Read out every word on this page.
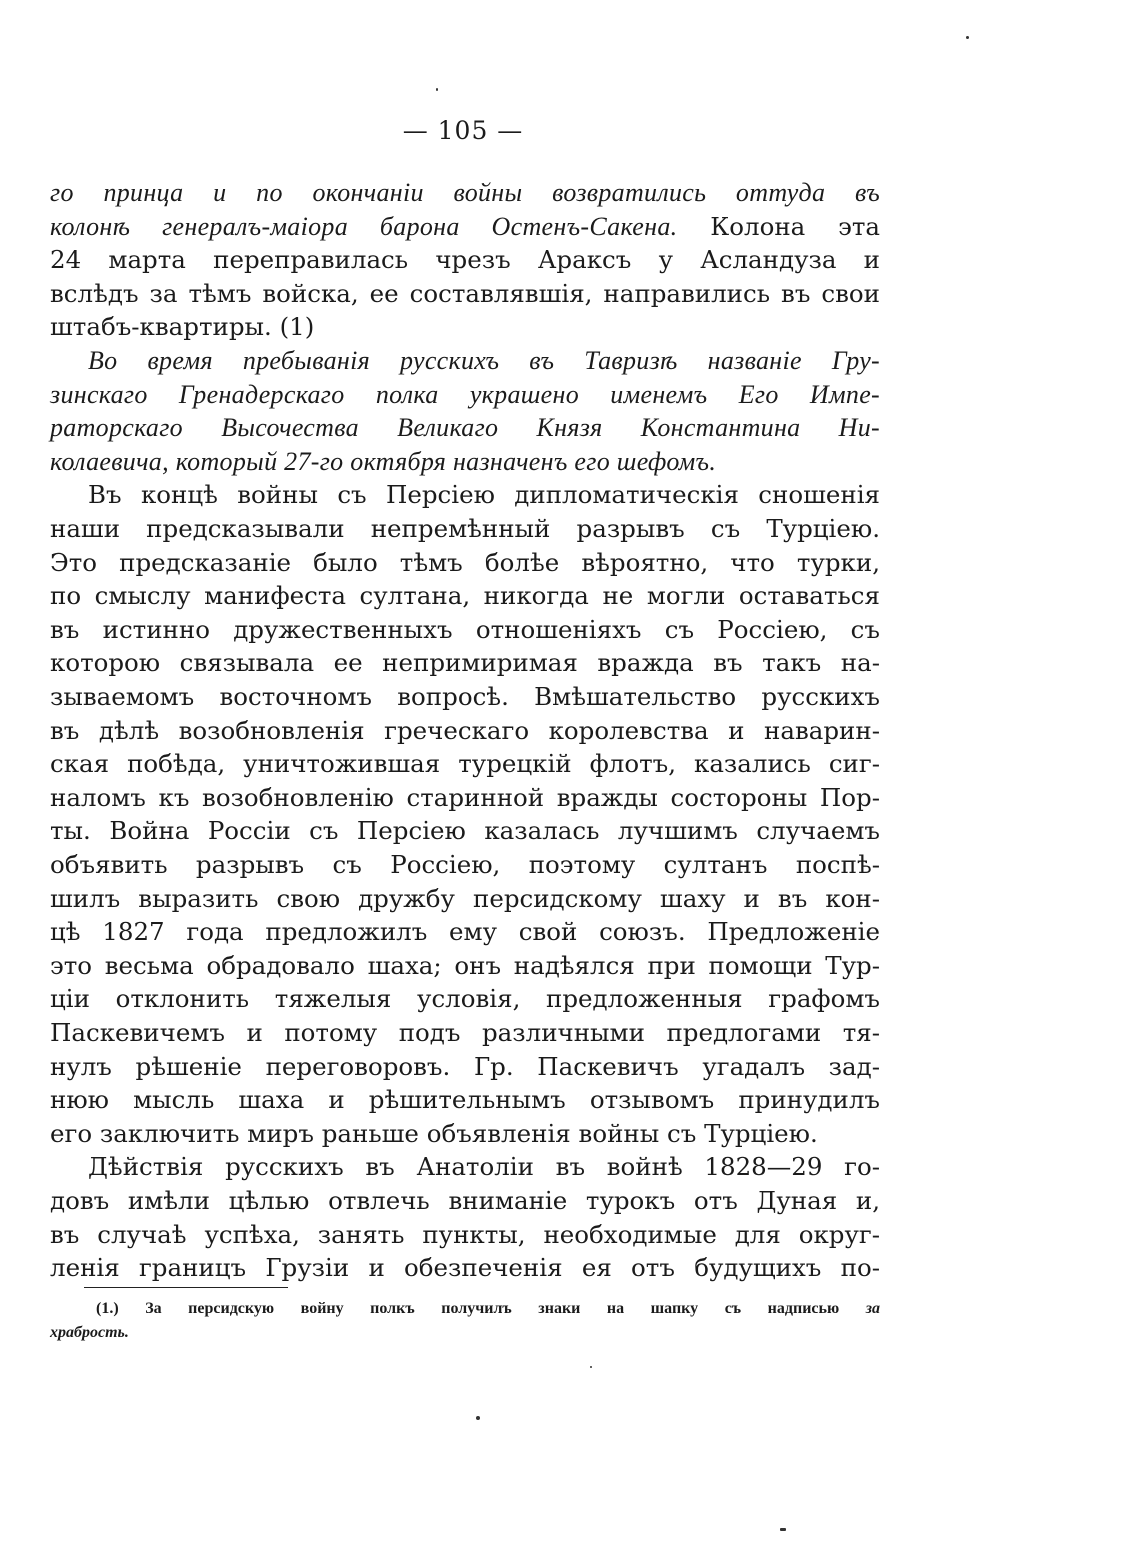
— 105 —
го принца и по окончаніи войны возвратились оттуда въ
колонѣ генералъ-маіора барона Остенъ-Сакена. Колона эта
24 марта переправилась чрезъ Араксъ у Асландуза и
вслѣдъ за тѣмъ войска, ее составлявшія, направились въ свои
штабъ-квартиры. (1)
Во время пребыванія русскихъ въ Тавризѣ названіе Гру-
зинскаго Гренадерскаго полка украшено именемъ Его Импе-
раторскаго Высочества Великаго Князя Константина Ни-
колаевича, который 27-го октября назначенъ его шефомъ.
Въ концѣ войны съ Персіею дипломатическія сношенія
наши предсказывали непремѣнный разрывъ съ Турціею.
Это предсказаніе было тѣмъ болѣе вѣроятно, что турки,
по смыслу манифеста султана, никогда не могли оставаться
въ истинно дружественныхъ отношеніяхъ съ Россіею, съ
которою связывала ее непримиримая вражда въ такъ на-
зываемомъ восточномъ вопросѣ. Вмѣшательство русскихъ
въ дѣлѣ возобновленія греческаго королевства и наварин-
ская побѣда, уничтожившая турецкій флотъ, казались сиг-
наломъ къ возобновленію старинной вражды состороны Пор-
ты. Война Россіи съ Персіею казалась лучшимъ случаемъ
объявить разрывъ съ Россіею, поэтому султанъ поспѣ-
шилъ выразить свою дружбу персидскому шаху и въ кон-
цѣ 1827 года предложилъ ему свой союзъ. Предложеніе
это весьма обрадовало шаха; онъ надѣялся при помощи Тур-
ціи отклонить тяжелыя условія, предложенныя графомъ
Паскевичемъ и потому подъ различными предлогами тя-
нулъ рѣшеніе переговоровъ. Гр. Паскевичъ угадалъ зад-
нюю мысль шаха и рѣшительнымъ отзывомъ принудилъ
его заключить миръ раньше объявленія войны съ Турціею.
Дѣйствія русскихъ въ Анатоліи въ войнѣ 1828—29 го-
довъ имѣли цѣлью отвлечь вниманіе турокъ отъ Дуная и,
въ случаѣ успѣха, занять пункты, необходимые для округ-
ленія границъ Грузіи и обезпеченія ея отъ будущихъ по-
(1.) За персидскую войну полкъ получилъ знаки на шапку съ надписью за
храбрость.
